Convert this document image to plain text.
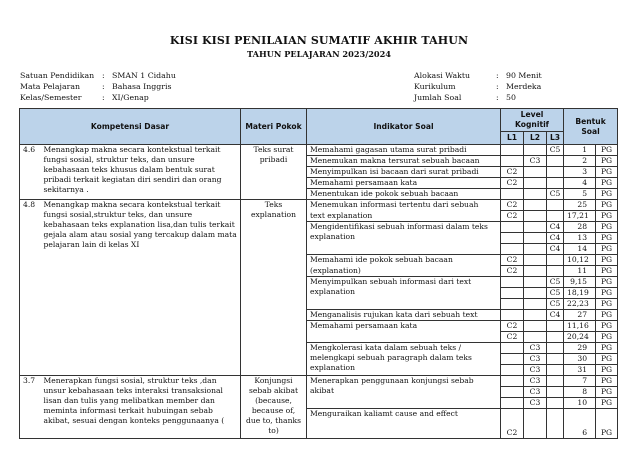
KISI KISI PENILAIAN SUMATIF AKHIR TAHUN
TAHUN PELAJARAN 2023/2024
Satuan Pendidikan : SMAN 1 Cidahu
Mata Pelajaran	: Bahasa Inggris
Kelas/Semester	: XI/Genap
Alokasi Waktu	: 90 Menit
Kurikulum	: Merdeka
Jumlah Soal	: 50
Kompetensi Dasar		Materi Pokok	Indikator Soal	Level Kognitif			Bentuk Soal	
				L1	L2	L3		
4.6	Menangkap makna secara kontekstual terkait fungsi sosial, struktur teks, dan unsure kebahasaan teks khusus dalam bentuk surat pribadi terkait kegiatan diri sendiri dan orang sekitarnya .	Teks surat pribadi	Memahami gagasan utama surat pribadi			C5	1	PG
			Menemukan makna tersurat sebuah bacaan		C3		2	PG
			Menyimpulkan isi bacaan dari surat pribadi	C2			3	PG
			Memahami persamaan kata	C2			4	PG
			Menentukan ide pokok sebuah bacaan			C5	5	PG
4.8	Menangkap makna secara kontekstual terkait fungsi sosial,struktur teks, dan unsure kebahasaan teks explanation lisa,dan tulis terkait gejala alam atau sosial yang tercakup dalam mata pelajaran lain di kelas XI	Teks explanation	Menemukan informasi tertentu dari sebuah	C2			25	PG
			text explanation	C2			17,21	PG
			Mengidentifikasi sebuah informasi dalam teks explanation			C4	28	PG
						C4	13	PG
						C4	14	PG
			Memahami ide pokok sebuah bacaan	C2			10,12	PG
			(explanation)	C2			11	PG
			Menyimpulkan sebuah informasi dari text explanation			C5	9,15	PG
						C5	18,19	PG
						C5	22,23	PG
			Menganalisis rujukan kata dari sebuah text			C4	27	PG
			Memahami persamaan kata	C2			11,16	PG
				C2			20,24	PG
			Mengkolerasi kata dalam sebuah teks / melengkapi sebuah paragraph dalam teks explanation		C3		29	PG
					C3		30	PG
					C3		31	PG
3.7	Menerapkan fungsi sosial, struktur teks ,dan unsur kebahasaan teks interaksi transaksional lisan dan tulis yang melibatkan member dan meminta informasi terkait hubuingan sebab akibat, sesuai dengan konteks penggunaanya (	Konjungsi sebab akibat (because, because of, due to, thanks to)	Menerapkan penggunaan konjungsi sebab akibat		C3		7	PG
					C3		8	PG
					C3		10	PG
			Menguraikan kaliamt cause and effect	C2			6	PG
